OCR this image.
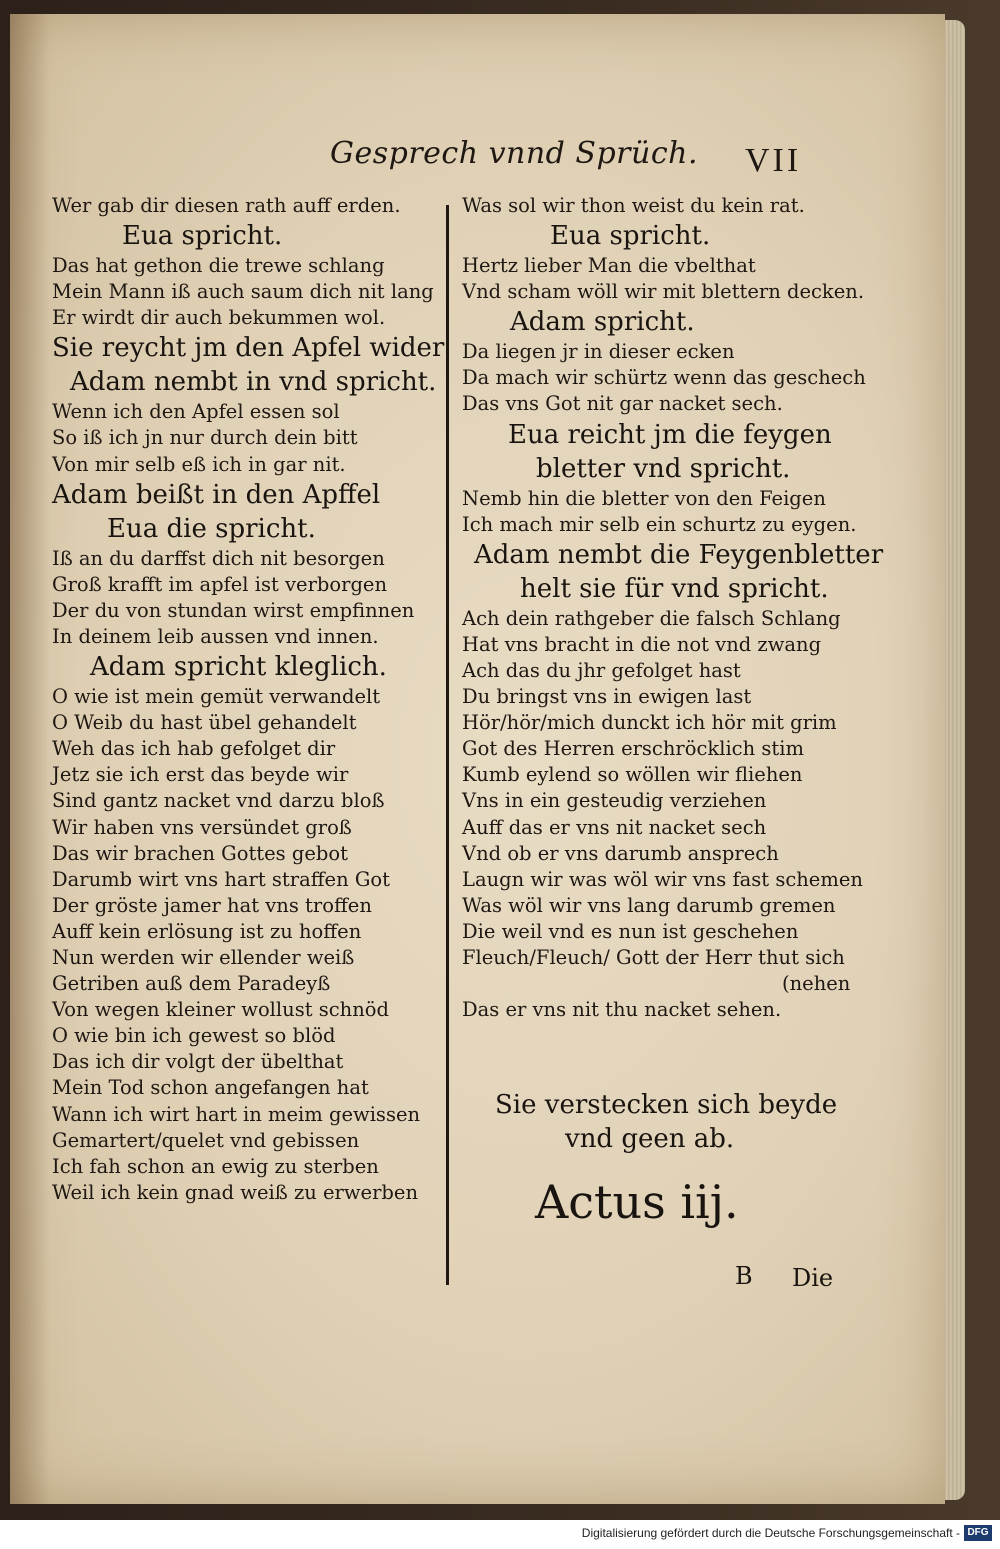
Gesprech vnnd Sprüch. VII
Wer gab dir diesen rath auff erden.
Eua spricht.
Das hat gethon die trewe schlang
Mein Mann iß auch saum dich nit lang
Er wirdt dir auch bekummen wol.
Sie reycht jm den Apfel wider
Adam nembt in vnd spricht.
Wenn ich den Apfel essen sol
So iß ich jn nur durch dein bitt
Von mir selb eß ich in gar nit.
Adam beißt in den Apffel
Eua die spricht.
Iß an du darffst dich nit besorgen
Groß krafft im apfel ist verborgen
Der du von stundan wirst empfinnen
In deinem leib aussen vnd innen.
Adam spricht kleglich.
O wie ist mein gemüt verwandelt
O Weib du hast übel gehandelt
Weh das ich hab gefolget dir
Jetz sie ich erst das beyde wir
Sind gantz nacket vnd darzu bloß
Wir haben vns versündet groß
Das wir brachen Gottes gebot
Darumb wirt vns hart straffen Got
Der gröste jamer hat vns troffen
Auff kein erlösung ist zu hoffen
Nun werden wir ellender weiß
Getriben auß dem Paradeyß
Von wegen kleiner wollust schnöd
O wie bin ich gewest so blöd
Das ich dir volgt der übelthat
Mein Tod schon angefangen hat
Wann ich wirt hart in meim gewissen
Gemartert/quelet vnd gebissen
Ich fah schon an ewig zu sterben
Weil ich kein gnad weiß zu erwerben
Was sol wir thon weist du kein rat.
Eua spricht.
Hertz lieber Man die vbelthat
Vnd scham wöll wir mit blettern decken.
Adam spricht.
Da liegen jr in dieser ecken
Da mach wir schürtz wenn das geschech
Das vns Got nit gar nacket sech.
Eua reicht jm die feygen
bletter vnd spricht.
Nemb hin die bletter von den Feigen
Ich mach mir selb ein schurtz zu eygen.
Adam nembt die Feygenbletter
helt sie für vnd spricht.
Ach dein rathgeber die falsch Schlang
Hat vns bracht in die not vnd zwang
Ach das du jhr gefolget hast
Du bringst vns in ewigen last
Hör/hör/mich dunckt ich hör mit grim
Got des Herren erschröcklich stim
Kumb eylend so wöllen wir fliehen
Vns in ein gesteudig verziehen
Auff das er vns nit nacket sech
Vnd ob er vns darumb ansprech
Laugn wir was wöl wir vns fast schemen
Was wöl wir vns lang darumb gremen
Die weil vnd es nun ist geschehen
Fleuch/Fleuch/ Gott der Herr thut sich
(nehen
Das er vns nit thu nacket sehen.
Sie verstecken sich beyde
vnd geen ab.
Actus iij.
B Die
Digitalisierung gefördert durch die Deutsche Forschungsgemeinschaft - DFG
